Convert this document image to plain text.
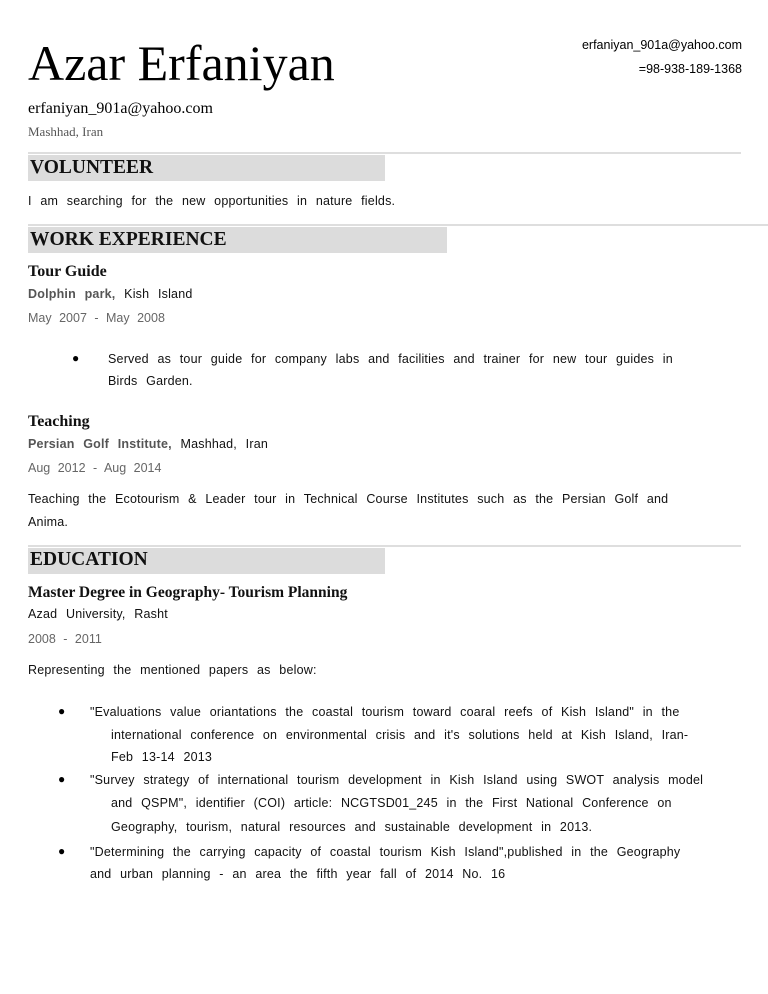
Azar Erfaniyan
erfaniyan_901a@yahoo.com
Mashhad, Iran
erfaniyan_901a@yahoo.com
=98-938-189-1368
VOLUNTEER
I am searching for the new opportunities in nature fields.
WORK EXPERIENCE
Tour Guide
Dolphin park, Kish Island
May 2007 - May 2008
● Served as tour guide for company labs and facilities and trainer for new tour guides in
Birds Garden.
Teaching
Persian Golf Institute, Mashhad, Iran
Aug 2012 - Aug 2014
Teaching the Ecotourism & Leader tour in Technical Course Institutes such as the Persian Golf and
Anima.
EDUCATION
Master Degree in Geography- Tourism Planning
Azad University, Rasht
2008 - 2011
Representing the mentioned papers as below:
● "Evaluations value oriantations the coastal tourism toward coaral reefs of Kish Island" in the
international conference on environmental crisis and it's solutions held at Kish Island, Iran-
Feb 13-14 2013
● "Survey strategy of international tourism development in Kish Island using SWOT analysis model
and QSPM", identifier (COI) article: NCGTSD01_245 in the First National Conference on
Geography, tourism, natural resources and sustainable development in 2013.
● "Determining the carrying capacity of coastal tourism Kish Island",published in the Geography
and urban planning - an area the fifth year fall of 2014 No. 16
